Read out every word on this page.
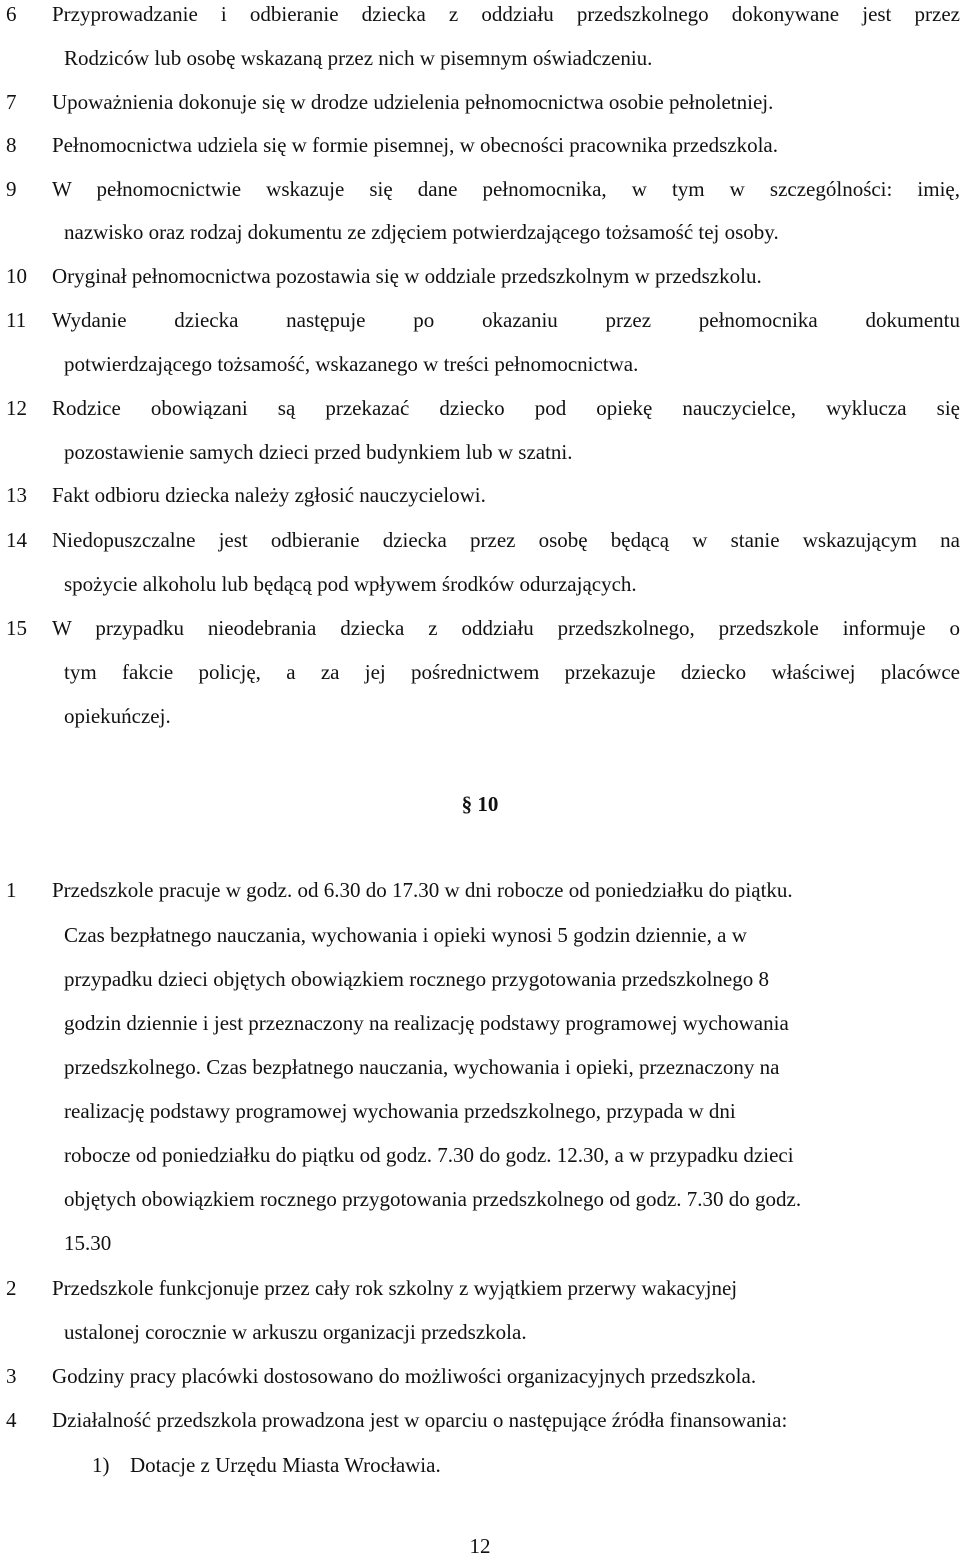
6 Przyprowadzanie i odbieranie dziecka z oddziału przedszkolnego dokonywane jest przez
Rodziców lub osobę wskazaną przez nich w pisemnym oświadczeniu.
7 Upoważnienia dokonuje się w drodze udzielenia pełnomocnictwa osobie pełnoletniej.
8 Pełnomocnictwa udziela się w formie pisemnej, w obecności pracownika przedszkola.
9 W pełnomocnictwie wskazuje się dane pełnomocnika, w tym w szczególności: imię,
nazwisko oraz rodzaj dokumentu ze zdjęciem potwierdzającego tożsamość tej osoby.
10 Oryginał pełnomocnictwa pozostawia się w oddziale przedszkolnym w przedszkolu.
11 Wydanie dziecka następuje po okazaniu przez pełnomocnika dokumentu
potwierdzającego tożsamość, wskazanego w treści pełnomocnictwa.
12 Rodzice obowiązani są przekazać dziecko pod opiekę nauczycielce, wyklucza się
pozostawienie samych dzieci przed budynkiem lub w szatni.
13 Fakt odbioru dziecka należy zgłosić nauczycielowi.
14 Niedopuszczalne jest odbieranie dziecka przez osobę będącą w stanie wskazującym na
spożycie alkoholu lub będącą pod wpływem środków odurzających.
15 W przypadku nieodebrania dziecka z oddziału przedszkolnego, przedszkole informuje o
tym fakcie policję, a za jej pośrednictwem przekazuje dziecko właściwej placówce
opiekuńczej.
§ 10
1 Przedszkole pracuje w godz. od 6.30 do 17.30 w dni robocze od poniedziałku do piątku.
Czas bezpłatnego nauczania, wychowania i opieki wynosi 5 godzin dziennie, a w
przypadku dzieci objętych obowiązkiem rocznego przygotowania przedszkolnego 8
godzin dziennie i jest przeznaczony na realizację podstawy programowej wychowania
przedszkolnego. Czas bezpłatnego nauczania, wychowania i opieki, przeznaczony na
realizację podstawy programowej wychowania przedszkolnego, przypada w dni
robocze od poniedziałku do piątku od godz. 7.30 do godz. 12.30, a w przypadku dzieci
objętych obowiązkiem rocznego przygotowania przedszkolnego od godz. 7.30 do godz.
15.30
2 Przedszkole funkcjonuje przez cały rok szkolny z wyjątkiem przerwy wakacyjnej
ustalonej corocznie w arkuszu organizacji przedszkola.
3 Godziny pracy placówki dostosowano do możliwości organizacyjnych przedszkola.
4 Działalność przedszkola prowadzona jest w oparciu o następujące źródła finansowania:
1) Dotacje z Urzędu Miasta Wrocławia.
12
